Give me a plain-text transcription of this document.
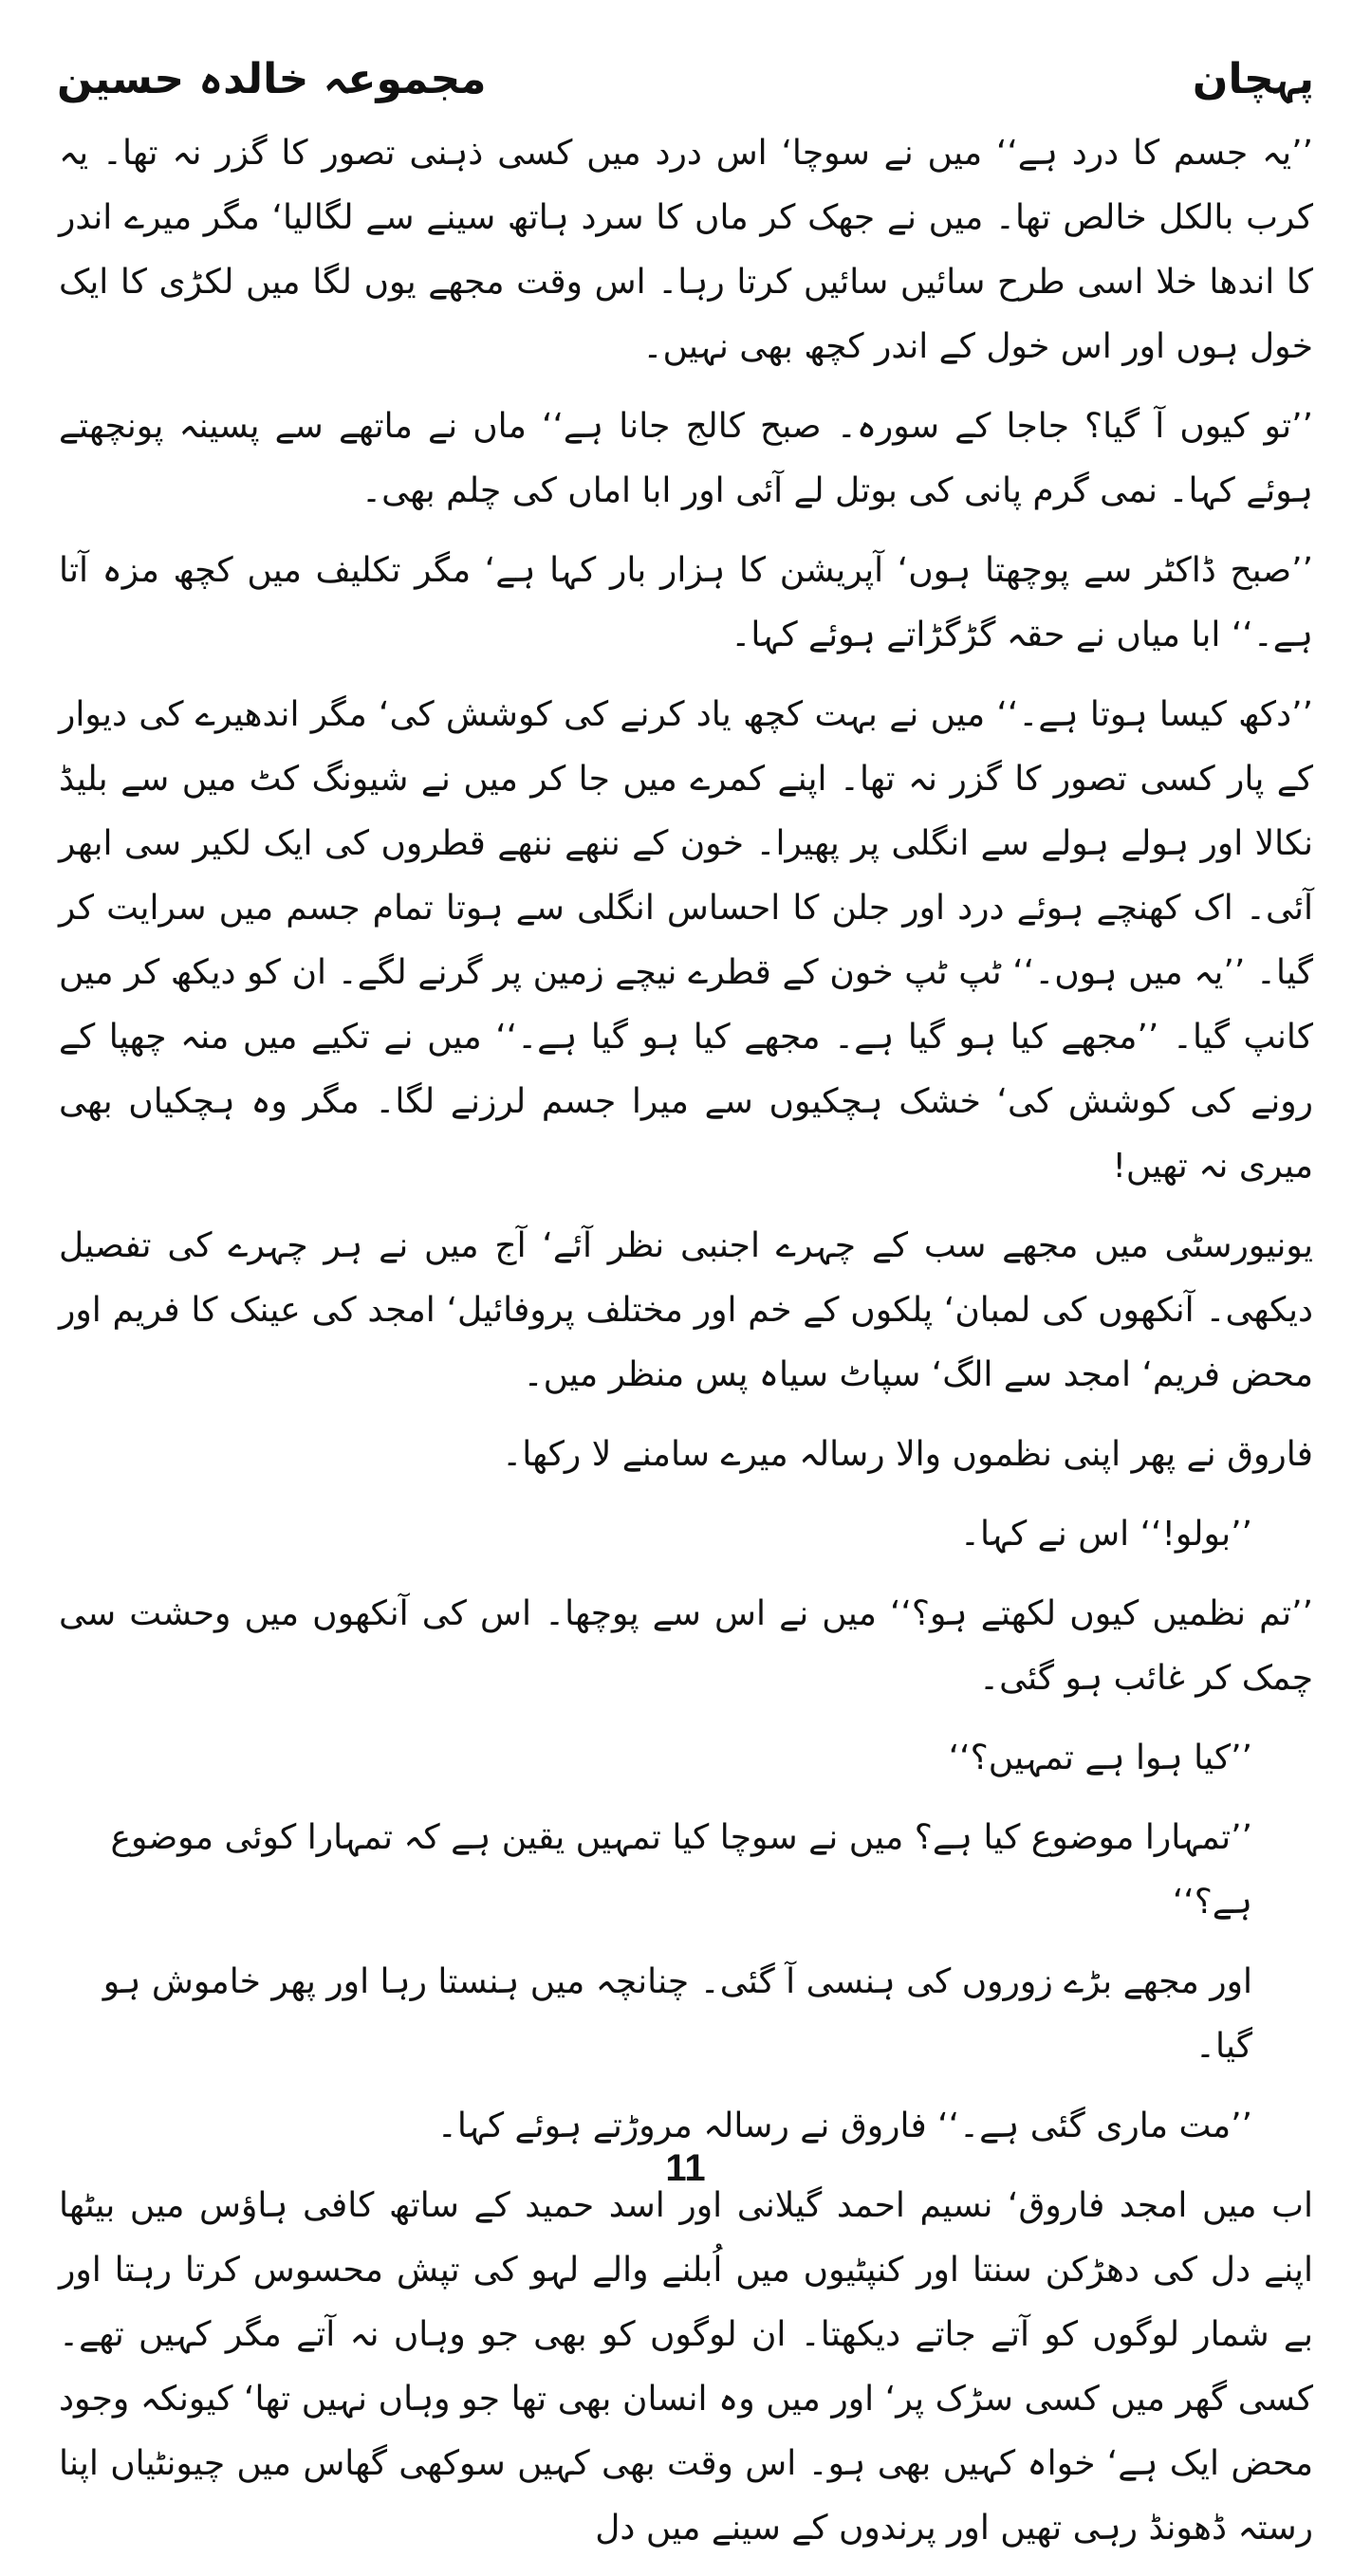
مجموعہ خالدہ حسین	پہچان

’’یہ جسم کا درد ہے‘‘ میں نے سوچا‘ اس درد میں کسی ذہنی تصور کا گزر نہ تھا۔ یہ کرب بالکل خالص تھا۔ میں نے جھک کر ماں کا سرد ہاتھ سینے سے لگالیا‘ مگر میرے اندر کا اندھا خلا اسی طرح سائیں سائیں کرتا رہا۔ اس وقت مجھے یوں لگا میں لکڑی کا ایک خول ہوں اور اس خول کے اندر کچھ بھی نہیں۔

’’تو کیوں آ گیا؟ جاجا کے سورہ۔ صبح کالج جانا ہے‘‘ ماں نے ماتھے سے پسینہ پونچھتے ہوئے کہا۔ نمی گرم پانی کی بوتل لے آئی اور ابا اماں کی چلم بھی۔

’’صبح ڈاکٹر سے پوچھتا ہوں‘ آپریشن کا ہزار بار کہا ہے‘ مگر تکلیف میں کچھ مزہ آتا ہے۔‘‘ ابا میاں نے حقہ گڑگڑاتے ہوئے کہا۔

’’دکھ کیسا ہوتا ہے۔‘‘ میں نے بہت کچھ یاد کرنے کی کوشش کی‘ مگر اندھیرے کی دیوار کے پار کسی تصور کا گزر نہ تھا۔ اپنے کمرے میں جا کر میں نے شیونگ کٹ میں سے بلیڈ نکالا اور ہولے ہولے سے انگلی پر پھیرا۔ خون کے ننھے ننھے قطروں کی ایک لکیر سی ابھر آئی۔ اک کھنچے ہوئے درد اور جلن کا احساس انگلی سے ہوتا تمام جسم میں سرایت کر گیا۔ ’’یہ میں ہوں۔‘‘ ٹپ ٹپ خون کے قطرے نیچے زمین پر گرنے لگے۔ ان کو دیکھ کر میں کانپ گیا۔ ’’مجھے کیا ہو گیا ہے۔ مجھے کیا ہو گیا ہے۔‘‘ میں نے تکیے میں منہ چھپا کے رونے کی کوشش کی‘ خشک ہچکیوں سے میرا جسم لرزنے لگا۔ مگر وہ ہچکیاں بھی میری نہ تھیں!

یونیورسٹی میں مجھے سب کے چہرے اجنبی نظر آئے‘ آج میں نے ہر چہرے کی تفصیل دیکھی۔ آنکھوں کی لمبان‘ پلکوں کے خم اور مختلف پروفائیل‘ امجد کی عینک کا فریم اور محض فریم‘ امجد سے الگ‘ سپاٹ سیاہ پس منظر میں۔

فاروق نے پھر اپنی نظموں والا رسالہ میرے سامنے لا رکھا۔

’’بولو!‘‘ اس نے کہا۔

’’تم نظمیں کیوں لکھتے ہو؟‘‘ میں نے اس سے پوچھا۔ اس کی آنکھوں میں وحشت سی چمک کر غائب ہو گئی۔

’’کیا ہوا ہے تمہیں؟‘‘

’’تمہارا موضوع کیا ہے؟ میں نے سوچا کیا تمہیں یقین ہے کہ تمہارا کوئی موضوع ہے؟‘‘

اور مجھے بڑے زوروں کی ہنسی آ گئی۔ چنانچہ میں ہنستا رہا اور پھر خاموش ہو گیا۔

’’مت ماری گئی ہے۔‘‘ فاروق نے رسالہ مروڑتے ہوئے کہا۔

اب میں امجد فاروق‘ نسیم احمد گیلانی اور اسد حمید کے ساتھ کافی ہاؤس میں بیٹھا اپنے دل کی دھڑکن سنتا اور کنپٹیوں میں اُبلنے والے لہو کی تپش محسوس کرتا رہتا اور بے شمار لوگوں کو آتے جاتے دیکھتا۔ ان لوگوں کو بھی جو وہاں نہ آتے مگر کہیں تھے۔ کسی گھر میں کسی سڑک پر‘ اور میں وہ انسان بھی تھا جو وہاں نہیں تھا‘ کیونکہ وجود محض ایک ہے‘ خواہ کہیں بھی ہو۔ اس وقت بھی کہیں سوکھی گھاس میں چیونٹیاں اپنا رستہ ڈھونڈ رہی تھیں اور پرندوں کے سینے میں دل

11
